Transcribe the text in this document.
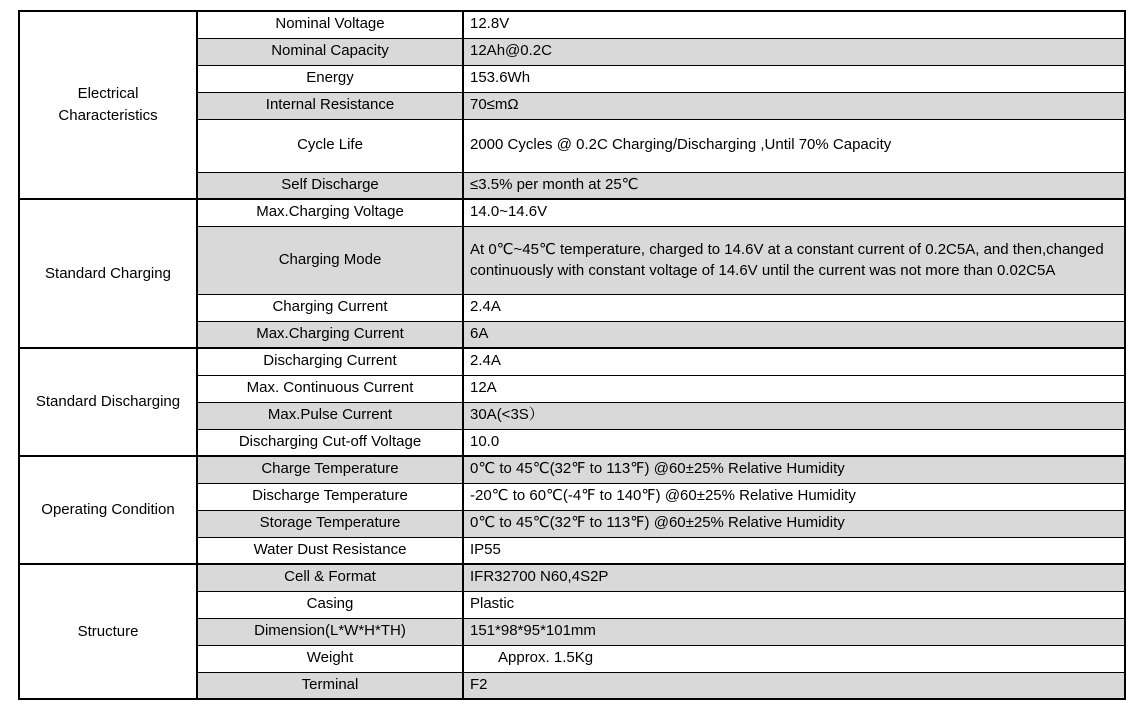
Electrical Characteristics	Nominal Voltage	12.8V
	Nominal Capacity	12Ah@0.2C
	Energy	153.6Wh
	Internal Resistance	70≤mΩ
	Cycle Life	2000 Cycles @ 0.2C Charging/Discharging ,Until 70% Capacity
	Self Discharge	≤3.5% per month at 25℃
Standard Charging	Max.Charging Voltage	14.0~14.6V
	Charging Mode	At 0℃~45℃ temperature, charged to 14.6V at a constant current of 0.2C5A, and then,changed continuously with constant voltage of 14.6V until the current was not more than 0.02C5A
	Charging Current	2.4A
	Max.Charging Current	6A
Standard Discharging	Discharging Current	2.4A
	Max. Continuous Current	12A
	Max.Pulse Current	30A(<3S）
	Discharging Cut-off Voltage	10.0
Operating Condition	Charge Temperature	0℃ to 45℃(32℉ to 113℉) @60±25% Relative Humidity
	Discharge Temperature	-20℃ to 60℃(-4℉ to 140℉) @60±25% Relative Humidity
	Storage Temperature	0℃ to 45℃(32℉ to 113℉) @60±25% Relative Humidity
	Water Dust Resistance	IP55
Structure	Cell & Format	IFR32700 N60,4S2P
	Casing	Plastic
	Dimension(L*W*H*TH)	151*98*95*101mm
	Weight	Approx. 1.5Kg
	Terminal	F2
